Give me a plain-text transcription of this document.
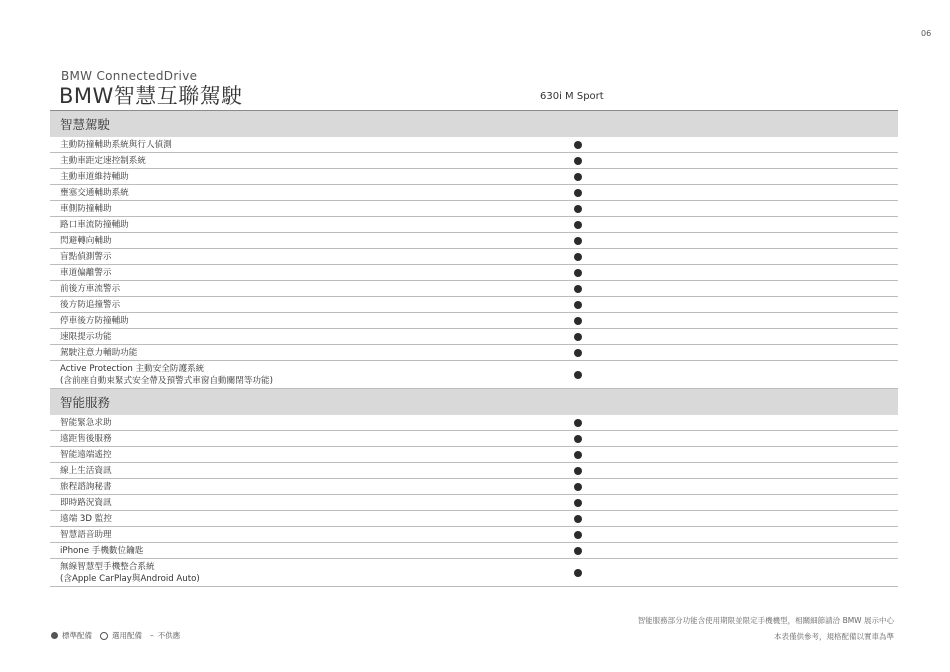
06
BMW ConnectedDrive
BMW智慧互聯駕駛	630i M Sport
智慧駕駛
主動防撞輔助系統與行人偵測
主動車距定速控制系統
主動車道維持輔助
壅塞交通輔助系統
車側防撞輔助
路口車流防撞輔助
閃避轉向輔助
盲點偵測警示
車道偏離警示
前後方車流警示
後方防追撞警示
停車後方防撞輔助
速限提示功能
駕駛注意力輔助功能
Active Protection 主動安全防護系統
(含前座自動束緊式安全帶及預警式車窗自動關閉等功能)
智能服務
智能緊急求助
遠距售後服務
智能遠端遙控
線上生活資訊
旅程諮詢秘書
即時路況資訊
遠端 3D 監控
智慧語音助理
iPhone 手機數位鑰匙
無線智慧型手機整合系統
(含Apple CarPlay與Android Auto)
智能服務部分功能含使用期限並限定手機機型，相關細節請洽 BMW 展示中心
本表僅供參考，規格配備以實車為準
標準配備	選用配備 – 不供應
